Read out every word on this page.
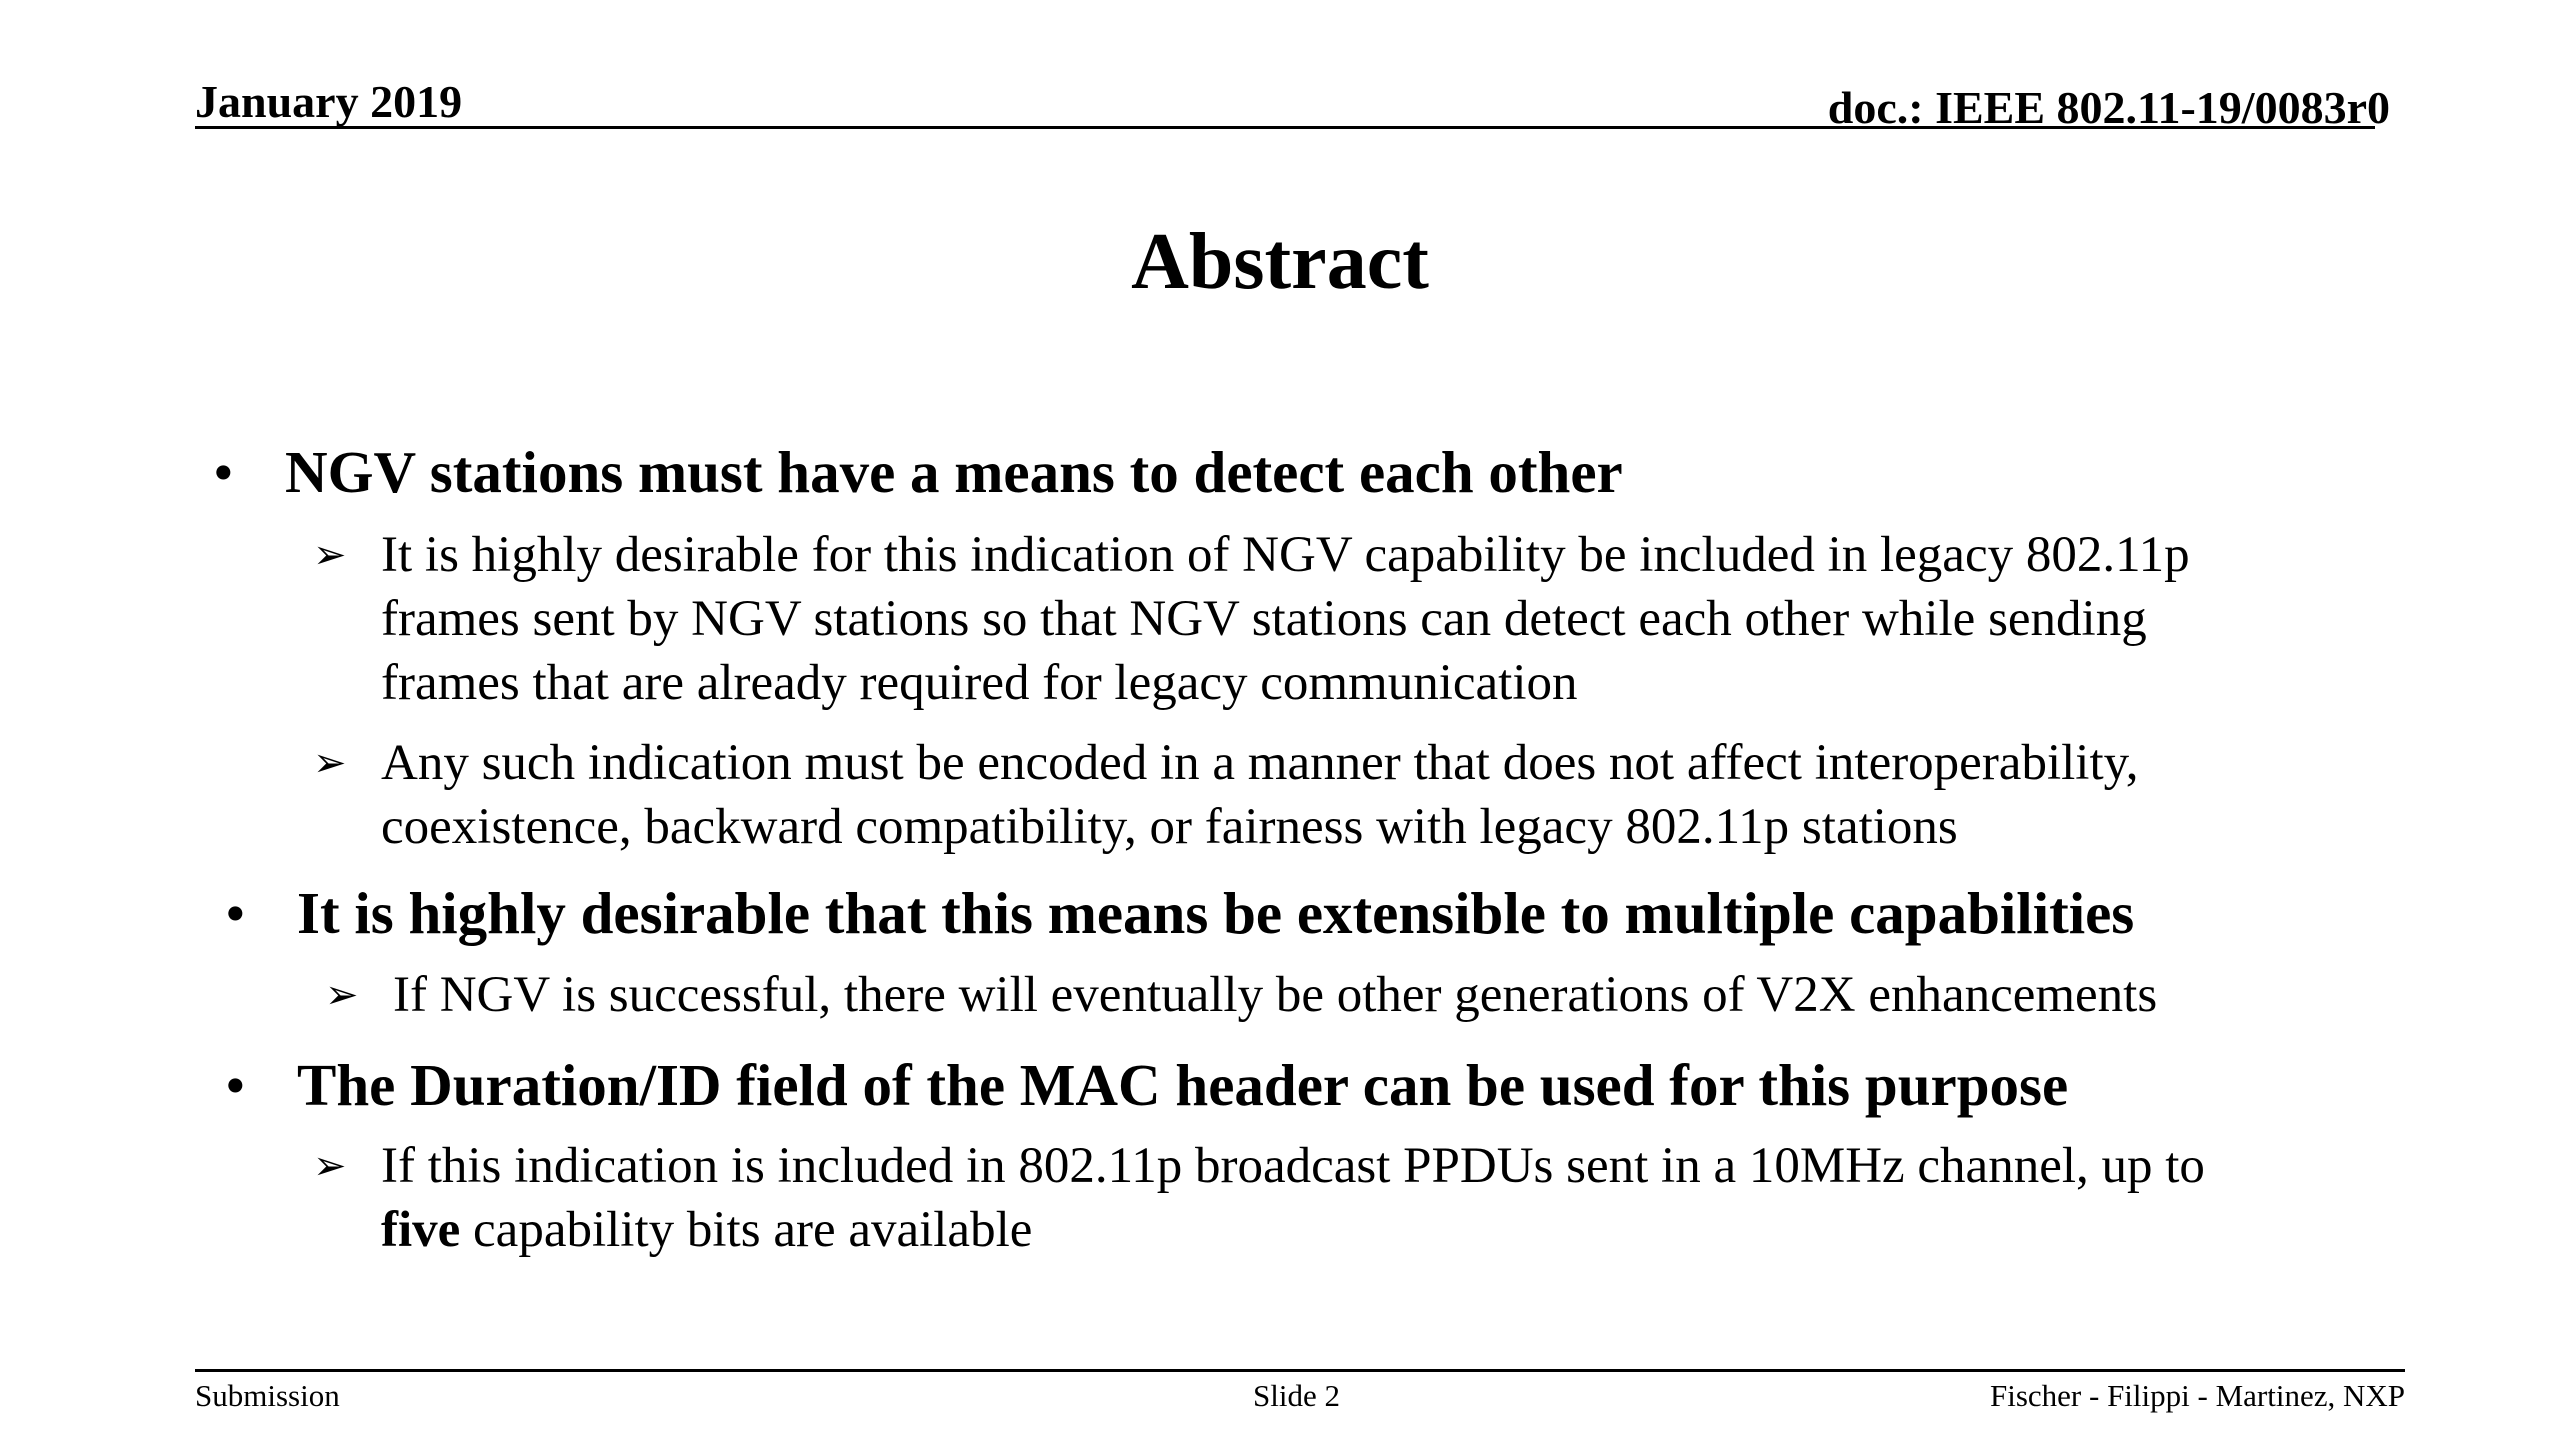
January 2019	doc.: IEEE 802.11-19/0083r0
Abstract
• NGV stations must have a means to detect each other
➢ It is highly desirable for this indication of NGV capability be included in legacy 802.11p
frames sent by NGV stations so that NGV stations can detect each other while sending
frames that are already required for legacy communication
➢ Any such indication must be encoded in a manner that does not affect interoperability,
coexistence, backward compatibility, or fairness with legacy 802.11p stations
• It is highly desirable that this means be extensible to multiple capabilities
➢ If NGV is successful, there will eventually be other generations of V2X enhancements
• The Duration/ID field of the MAC header can be used for this purpose
➢ If this indication is included in 802.11p broadcast PPDUs sent in a 10MHz channel, up to
five capability bits are available
Submission	Slide 2	Fischer - Filippi - Martinez, NXP
